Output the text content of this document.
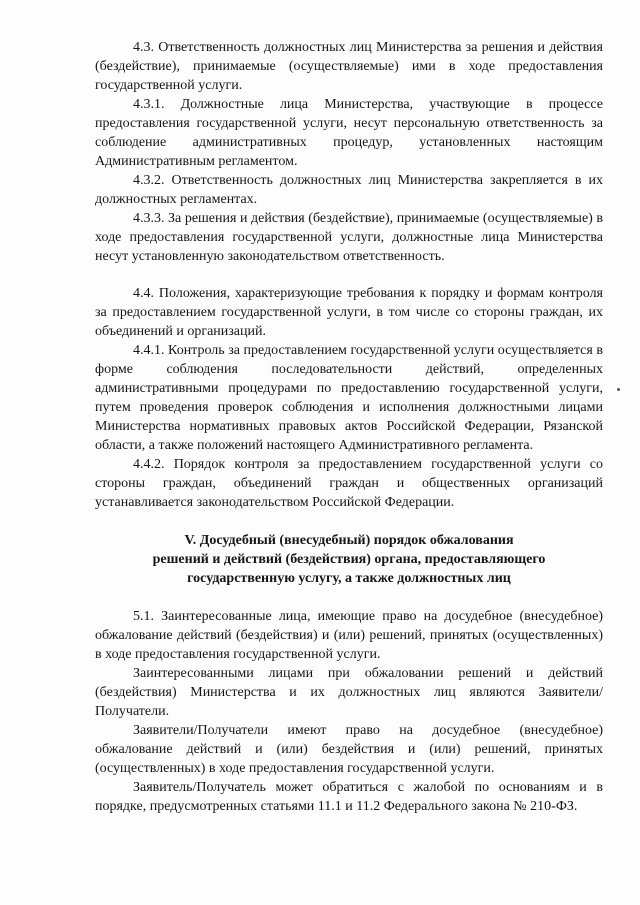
4.3. Ответственность должностных лиц Министерства за решения и действия (бездействие), принимаемые (осуществляемые) ими в ходе предоставления государственной услуги.

4.3.1. Должностные лица Министерства, участвующие в процессе предоставления государственной услуги, несут персональную ответственность за соблюдение административных процедур, установленных настоящим Административным регламентом.

4.3.2. Ответственность должностных лиц Министерства закрепляется в их должностных регламентах.

4.3.3. За решения и действия (бездействие), принимаемые (осуществляемые) в ходе предоставления государственной услуги, должностные лица Министерства несут установленную законодательством ответственность.

4.4. Положения, характеризующие требования к порядку и формам контроля за предоставлением государственной услуги, в том числе со стороны граждан, их объединений и организаций.

4.4.1. Контроль за предоставлением государственной услуги осуществляется в форме соблюдения последовательности действий, определенных административными процедурами по предоставлению государственной услуги, путем проведения проверок соблюдения и исполнения должностными лицами Министерства нормативных правовых актов Российской Федерации, Рязанской области, а также положений настоящего Административного регламента.

4.4.2. Порядок контроля за предоставлением государственной услуги со стороны граждан, объединений граждан и общественных организаций устанавливается законодательством Российской Федерации.

V. Досудебный (внесудебный) порядок обжалования
решений и действий (бездействия) органа, предоставляющего
государственную услугу, а также должностных лиц

5.1. Заинтересованные лица, имеющие право на досудебное (внесудебное) обжалование действий (бездействия) и (или) решений, принятых (осуществленных) в ходе предоставления государственной услуги.

Заинтересованными лицами при обжаловании решений и действий (бездействия) Министерства и их должностных лиц являются Заявители/Получатели.

Заявители/Получатели имеют право на досудебное (внесудебное) обжалование действий и (или) бездействия и (или) решений, принятых (осуществленных) в ходе предоставления государственной услуги.

Заявитель/Получатель может обратиться с жалобой по основаниям и в порядке, предусмотренных статьями 11.1 и 11.2 Федерального закона № 210-ФЗ.
